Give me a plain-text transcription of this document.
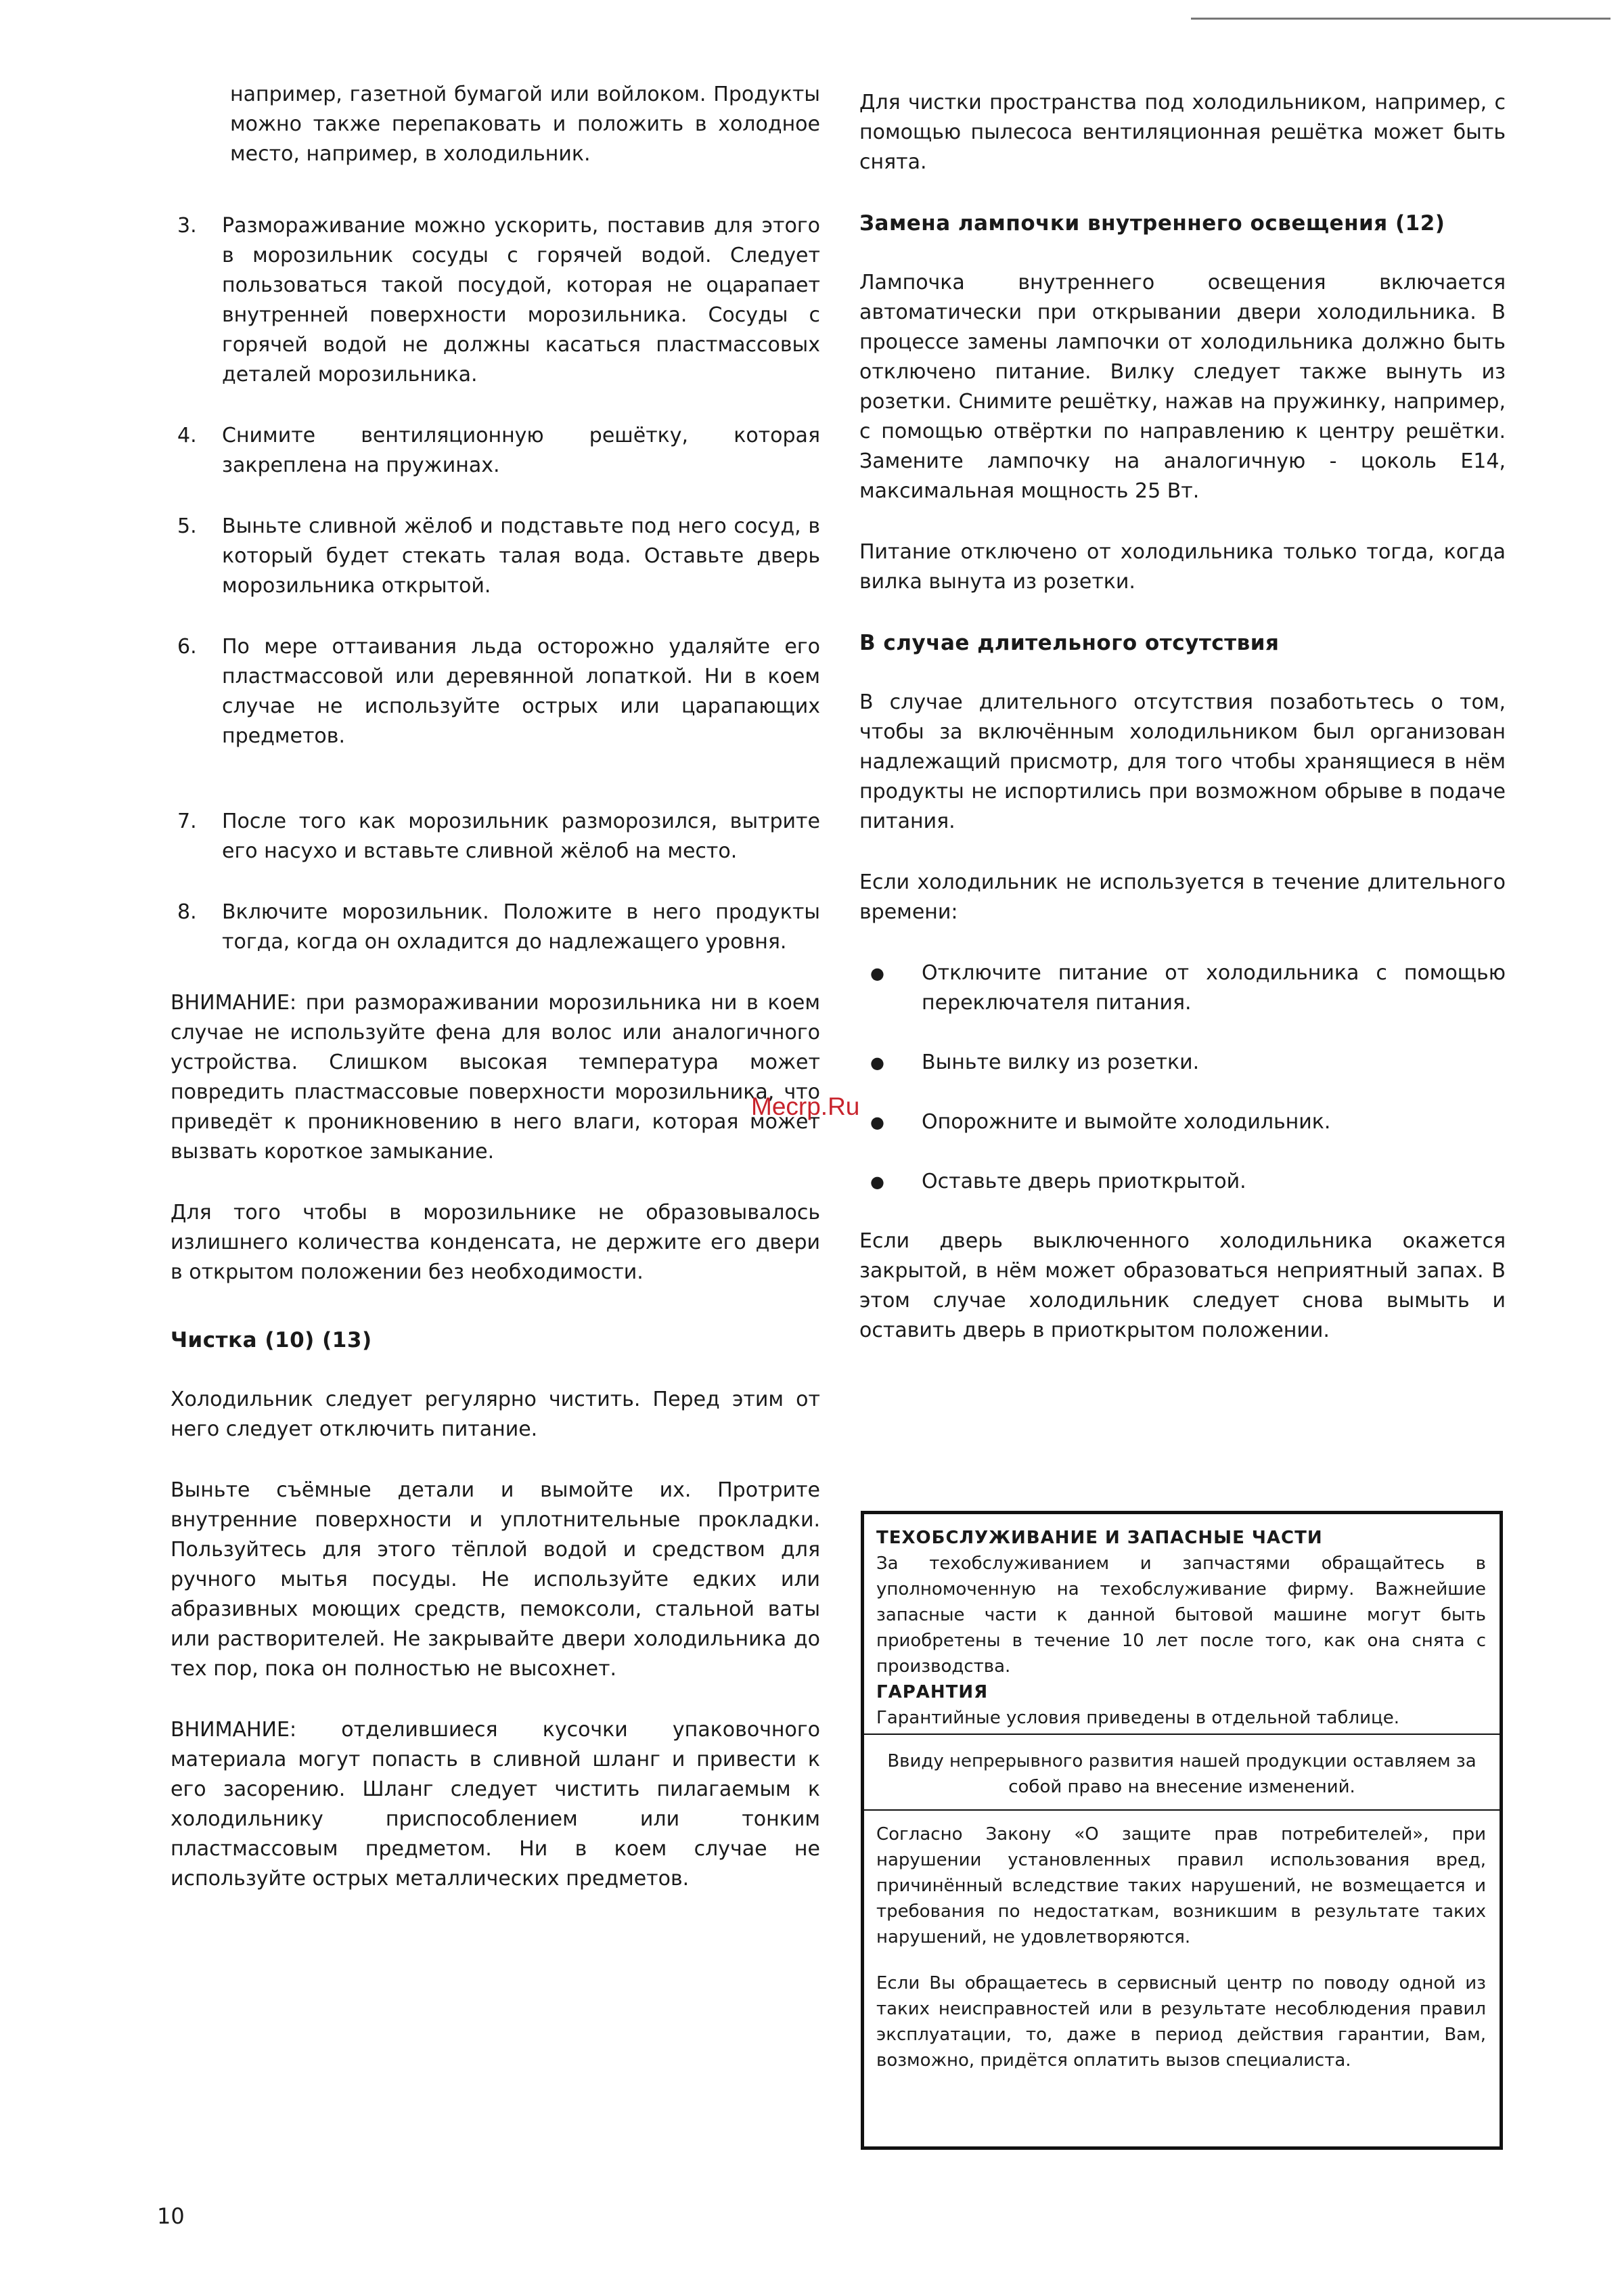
например, газетной бумагой или войлоком. Продукты можно также перепаковать и положить в холодное место, например, в холодильник.
3.	Размораживание можно ускорить, поставив для этого в морозильник сосуды с горячей водой. Следует пользоваться такой посудой, которая не оцарапает внутренней поверхности морозильника. Сосуды с горячей водой не должны касаться пластмассовых деталей морозильника.
4.	Снимите вентиляционную решётку, которая закреплена на пружинах.
5.	Выньте сливной жёлоб и подставьте под него сосуд, в который будет стекать талая вода. Оставьте дверь морозильника открытой.
6.	По мере оттаивания льда осторожно удаляйте его пластмассовой или деревянной лопаткой. Ни в коем случае не используйте острых или царапающих предметов.
7.	После того как морозильник разморозился, вытрите его насухо и вставьте сливной жёлоб на место.
8.	Включите морозильник. Положите в него продукты тогда, когда он охладится до надлежащего уровня.

ВНИМАНИЕ: при размораживании морозильника ни в коем случае не используйте фена для волос или аналогичного устройства. Слишком высокая температура может повредить пластмассовые поверхности морозильника, что приведёт к проникновению в него влаги, которая может вызвать короткое замыкание.

Для того чтобы в морозильнике не образовывалось излишнего количества конденсата, не держите его двери в открытом положении без необходимости.

Чистка (10) (13)

Холодильник следует регулярно чистить. Перед этим от него следует отключить питание.

Выньте съёмные детали и вымойте их. Протрите внутренние поверхности и уплотнительные прокладки. Пользуйтесь для этого тёплой водой и средством для ручного мытья посуды. Не используйте едких или абразивных моющих средств, пемоксоли, стальной ваты или растворителей. Не закрывайте двери холодильника до тех пор, пока он полностью не высохнет.

ВНИМАНИЕ: отделившиеся кусочки упаковочного материала могут попасть в сливной шланг и привести к его засорению. Шланг следует чистить пилагаемым к холодильнику приспособлением или тонким пластмассовым предметом. Ни в коем случае не используйте острых металлических предметов.

Mecrp.Ru

Для чистки пространства под холодильником, например, с помощью пылесоса вентиляционная решётка может быть снята.

Замена лампочки внутреннего освещения (12)

Лампочка внутреннего освещения включается автоматически при открывании двери холодильника. В процессе замены лампочки от холодильника должно быть отключено питание. Вилку следует также вынуть из розетки. Снимите решётку, нажав на пружинку, например, с помощью отвёртки по направлению к центру решётки. Замените лампочку на аналогичную - цоколь E14, максимальная мощность 25 Вт.

Питание отключено от холодильника только тогда, когда вилка вынута из розетки.

В случае длительного отсутствия

В случае длительного отсутствия позаботьтесь о том, чтобы за включённым холодильником был организован надлежащий присмотр, для того чтобы хранящиеся в нём продукты не испортились при возможном обрыве в подаче питания.

Если холодильник не используется в течение длительного времени:

●	Отключите питание от холодильника с помощью переключателя питания.
●	Выньте вилку из розетки.
●	Опорожните и вымойте холодильник.
●	Оставьте дверь приоткрытой.

Если дверь выключенного холодильника окажется закрытой, в нём может образоваться неприятный запах. В этом случае холодильник следует снова вымыть и оставить дверь в приоткрытом положении.

ТЕХОБСЛУЖИВАНИЕ И ЗАПАСНЫЕ ЧАСТИ
За техобслуживанием и запчастями обращайтесь в уполномоченную на техобслуживание фирму. Важнейшие запасные части к данной бытовой машине могут быть приобретены в течение 10 лет после того, как она снята с производства.
ГАРАНТИЯ
Гарантийные условия приведены в отдельной таблице.
Ввиду непрерывного развития нашей продукции оставляем за собой право на внесение изменений.
Согласно Закону «О защите прав потребителей», при нарушении установленных правил использования вред, причинённый вследствие таких нарушений, не возмещается и требования по недостаткам, возникшим в результате таких нарушений, не удовлетворяются.
Если Вы обращаетесь в сервисный центр по поводу одной из таких неисправностей или в результате несоблюдения правил эксплуатации, то, даже в период действия гарантии, Вам, возможно, придётся оплатить вызов специалиста.
10
